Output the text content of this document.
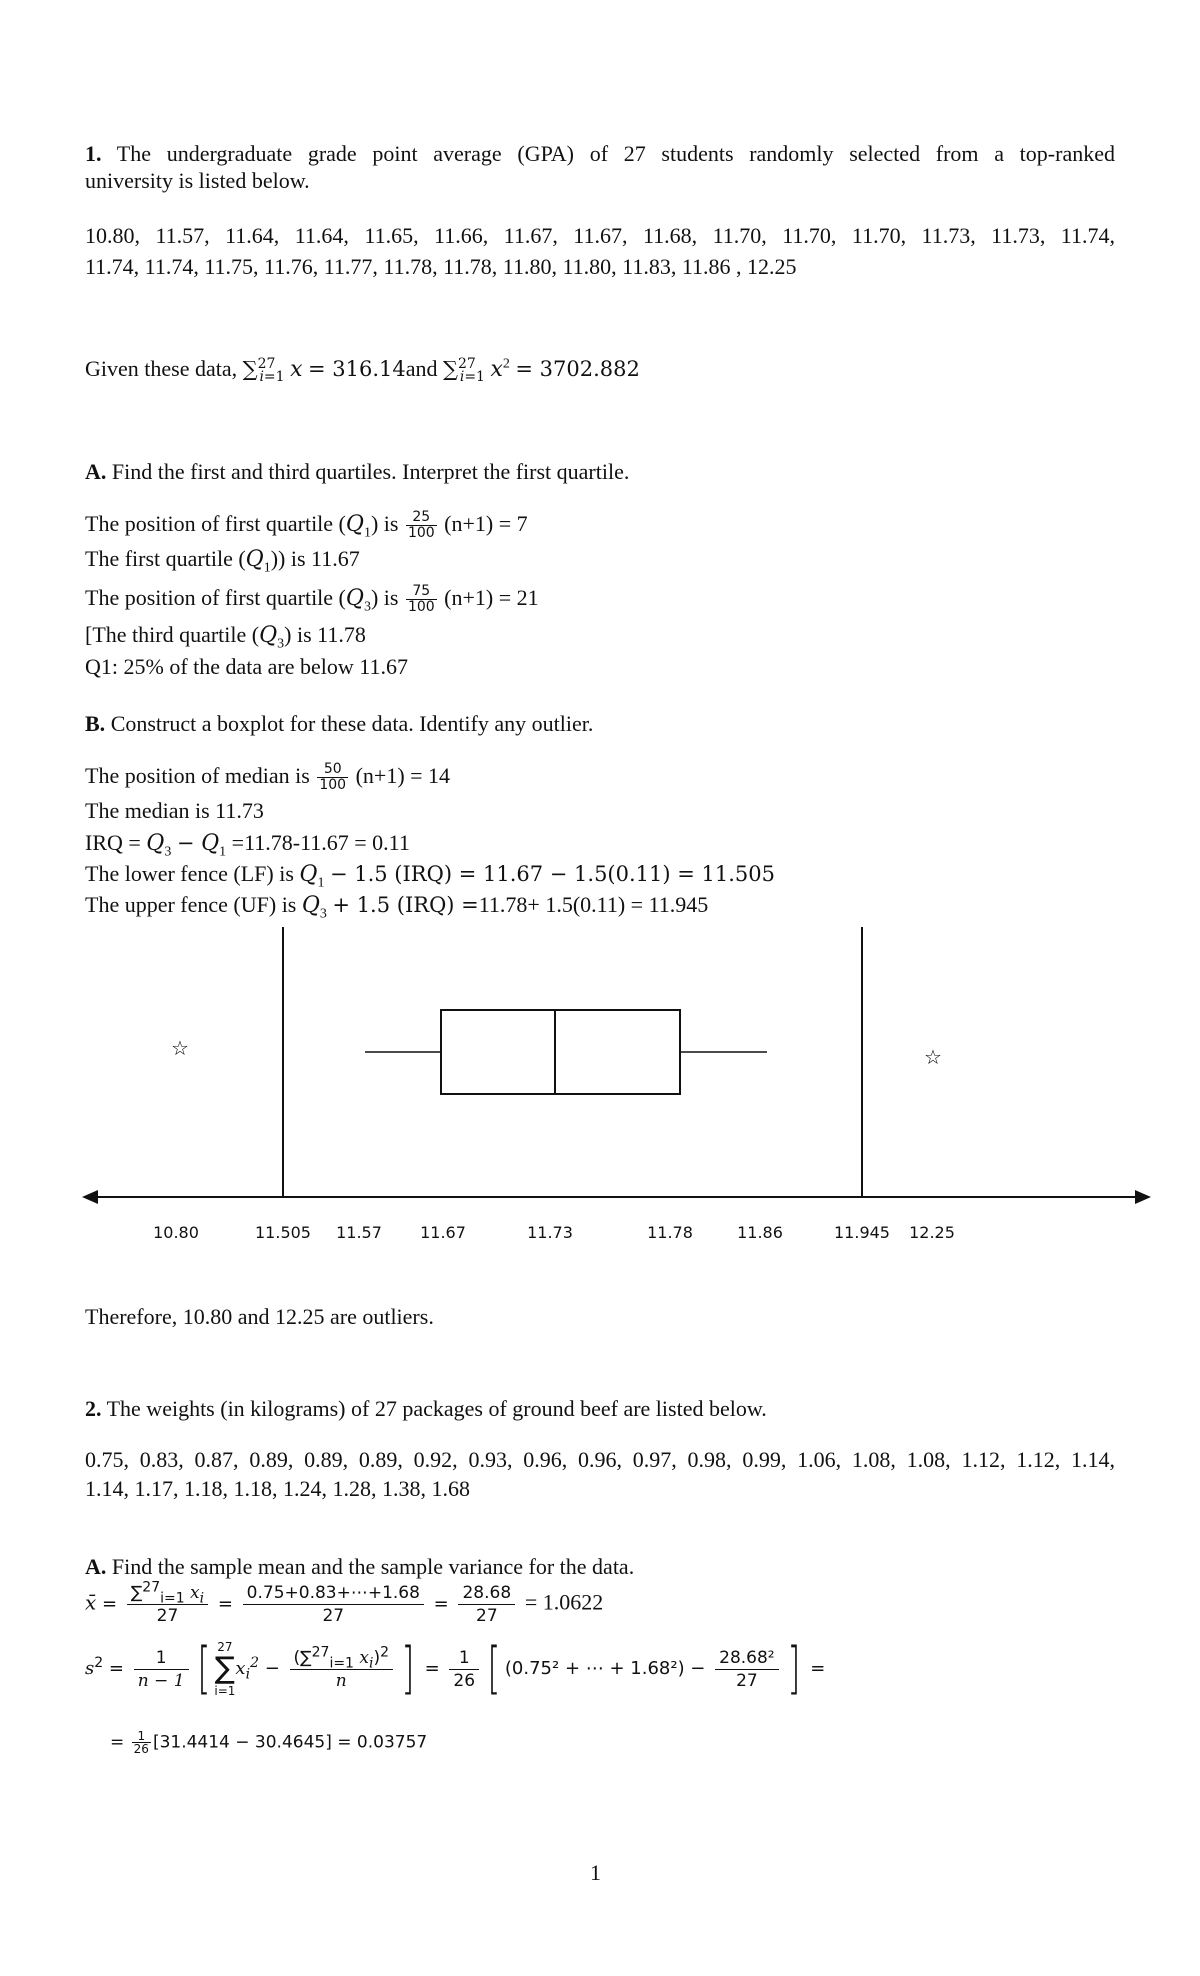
1. The undergraduate grade point average (GPA) of 27 students randomly selected from a top-ranked

university is listed below.

10.80, 11.57, 11.64, 11.64, 11.65, 11.66, 11.67, 11.67, 11.68, 11.70, 11.70, 11.70, 11.73, 11.73, 11.74,

11.74, 11.74, 11.75, 11.76, 11.77, 11.78, 11.78, 11.80, 11.80, 11.83, 11.86 , 12.25

Given these data, ∑$^{27}_{i=1}$ x = 316.14and ∑$^{27}_{i=1}$ $x^2 = 3702.882$

A. Find the first and third quartiles. Interpret the first quartile.

The position of first quartile $(Q_1)$ is $\frac{25}{100} (n+1) = 7$

The first quartile $(Q_1)$) is 11.67

The position of first quartile $(Q_3)$ is $\frac{75}{100} (n+1) = 21$

[The third quartile $(Q_3)$ is 11.78

Q1: 25% of the data are below 11.67

B. Construct a boxplot for these data. Identify any outlier.

The position of median is $\frac{50}{100} (n+1) = 14$

The median is 11.73

IRQ = $Q_3 - Q_1 =11.78-11.67 = 0.11$

The lower fence (LF) is $Q_1 - 1.5$ (IRQ) = 11.67 − 1.5(0.11) = 11.505

The upper fence (UF) is $Q_3 + 1.5$ (IRQ) =11.78+ 1.5(0.11) = 11.945

Therefore, 10.80 and 12.25 are outliers.

2. The weights (in kilograms) of 27 packages of ground beef are listed below.

0.75, 0.83, 0.87, 0.89, 0.89, 0.89, 0.92, 0.93, 0.96, 0.96, 0.97, 0.98, 0.99, 1.06, 1.08, 1.08, 1.12, 1.12, 1.14,

1.14, 1.17, 1.18, 1.18, 1.24, 1.28, 1.38, 1.68

A. Find the sample mean and the sample variance for the data.

x̄ = $\frac{\sum^{27}_{i=1} x_i}{27} = \frac{0.75+0.83+\cdots+1.68}{27} = \frac{28.68}{27} = 1.0622$
$s^2 = \frac{1}{n - 1}$ [ 27
∑
$i=1x_i^2 - \frac{(\sum^{27}_{i=1} x_i)^2}{n}$ ] = $\frac{1}{26}$ [ (0.75² + ⋯ + $1.68^2) - \frac{\text{28.68²}}{27}$ ] =
= $\frac{1}{26} [31.4414 - 30.4645] = 0.03757$
☆	☆
10.80	11.505 11.57 11.67	11.73	11.78	11.86	11.945 12.25
1
